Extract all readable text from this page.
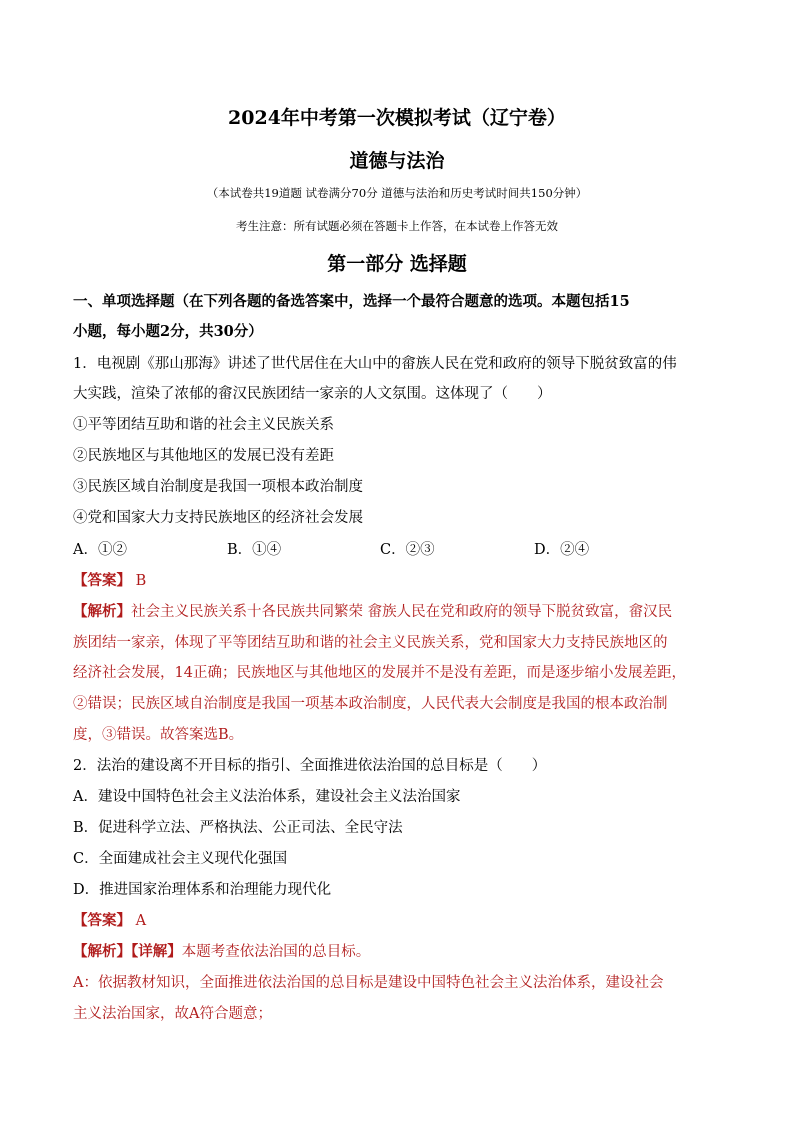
2024年中考第一次模拟考试（辽宁卷）
道德与法治
（本试卷共19道题 试卷满分70分 道德与法治和历史考试时间共150分钟）
考生注意：所有试题必须在答题卡上作答，在本试卷上作答无效
第一部分 选择题
一、单项选择题（在下列各题的备选答案中，选择一个最符合题意的选项。本题包括15
小题，每小题2分，共30分）
1．电视剧《那山那海》讲述了世代居住在大山中的畲族人民在党和政府的领导下脱贫致富的伟
大实践，渲染了浓郁的畲汉民族团结一家亲的人文氛围。这体现了（　　）
①平等团结互助和谐的社会主义民族关系
②民族地区与其他地区的发展已没有差距
③民族区域自治制度是我国一项根本政治制度
④党和国家大力支持民族地区的经济社会发展
A．①②	B．①④	C．②③	D．②④
【答案】 B
【解析】社会主义民族关系十各民族共同繁荣 畲族人民在党和政府的领导下脱贫致富，畲汉民
族团结一家亲，体现了平等团结互助和谐的社会主义民族关系，党和国家大力支持民族地区的
经济社会发展，14正确；民族地区与其他地区的发展并不是没有差距，而是逐步缩小发展差距，
②错误；民族区域自治制度是我国一项基本政治制度，人民代表大会制度是我国的根本政治制
度，③错误。故答案选B。
2．法治的建设离不开目标的指引、全面推进依法治国的总目标是（　　）
A．建设中国特色社会主义法治体系，建设社会主义法治国家
B．促进科学立法、严格执法、公正司法、全民守法
C．全面建成社会主义现代化强国
D．推进国家治理体系和治理能力现代化
【答案】 A
【解析】【详解】本题考查依法治国的总目标。
A：依据教材知识，全面推进依法治国的总目标是建设中国特色社会主义法治体系，建设社会
主义法治国家，故A符合题意；
